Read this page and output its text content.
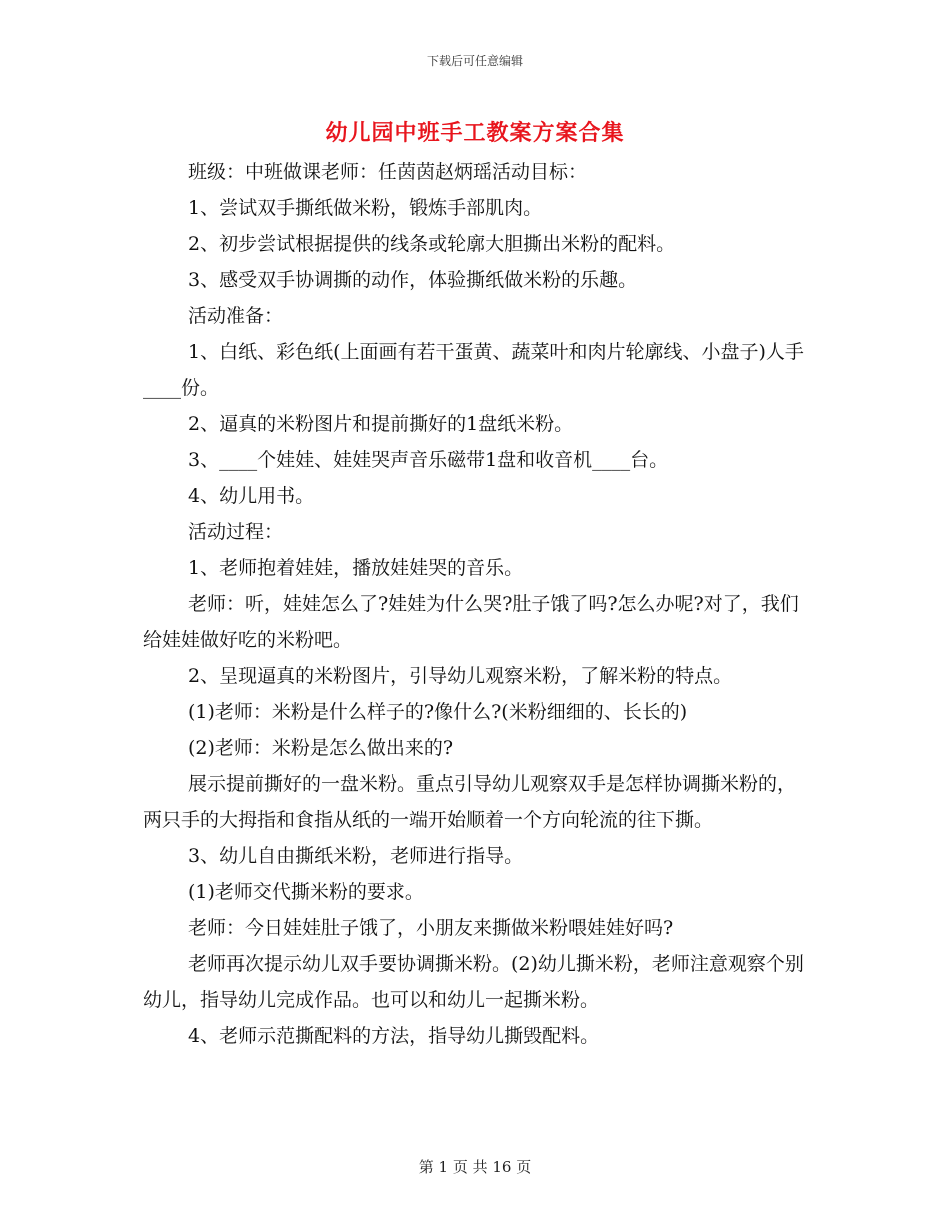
下载后可任意编辑
幼儿园中班手工教案方案合集

班级：中班做课老师：任茵茵赵炳瑶活动目标：

1、尝试双手撕纸做米粉，锻炼手部肌肉。

2、初步尝试根据提供的线条或轮廓大胆撕出米粉的配料。

3、感受双手协调撕的动作，体验撕纸做米粉的乐趣。

活动准备：

1、白纸、彩色纸(上面画有若干蛋黄、蔬菜叶和肉片轮廓线、小盘子)人手____份。

2、逼真的米粉图片和提前撕好的1盘纸米粉。

3、____个娃娃、娃娃哭声音乐磁带1盘和收音机____台。

4、幼儿用书。

活动过程：

1、老师抱着娃娃，播放娃娃哭的音乐。

老师：听，娃娃怎么了?娃娃为什么哭?肚子饿了吗?怎么办呢?对了，我们给娃娃做好吃的米粉吧。

2、呈现逼真的米粉图片，引导幼儿观察米粉，了解米粉的特点。

(1)老师：米粉是什么样子的?像什么?(米粉细细的、长长的)

(2)老师：米粉是怎么做出来的?

展示提前撕好的一盘米粉。重点引导幼儿观察双手是怎样协调撕米粉的，两只手的大拇指和食指从纸的一端开始顺着一个方向轮流的往下撕。

3、幼儿自由撕纸米粉，老师进行指导。

(1)老师交代撕米粉的要求。

老师：今日娃娃肚子饿了，小朋友来撕做米粉喂娃娃好吗?

老师再次提示幼儿双手要协调撕米粉。(2)幼儿撕米粉，老师注意观察个别幼儿，指导幼儿完成作品。也可以和幼儿一起撕米粉。

4、老师示范撕配料的方法，指导幼儿撕毁配料。

第 1 页 共 16 页
